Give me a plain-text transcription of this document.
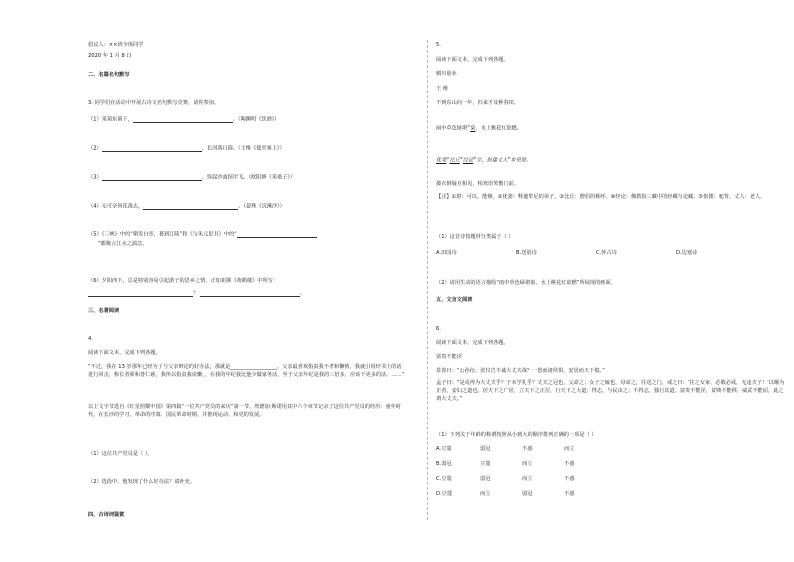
倡议人：××班全体同学
2020 年 1 月 8 日
二、名篇名句默写
3. 同学们在活动中开展古诗文名句默写竞赛，请你参加。
（1）采菊东篱下，	。（陶渊明《饮酒》）
（2）	，长河落日圆。（王维《使至塞上》）
（3）	，惊起沙禽掠岸飞。（欧阳修《采桑子》）
（4）无可奈何花落去，	。（晏殊《浣溪沙》）
（5）《三峡》中的“朝发白帝，暮到江陵”和《与朱元思书》中的“
”都极言江水之湍急。
（6）夕阳西下，总是特别容易引起游子的思乡之情，正如崔颢《黄鹤楼》中所写：
？	。
三、名著阅读
4.
阅读下面文本，完成下列各题。
“不过，我在 13 岁那年已经为了与父亲辩论的好办法，那就是__________________。父亲最喜欢指责我不孝和懒惰，我就引用经书上的话进行回击，称长者须和善仁慈，我所以指责我说懒，，在我的年纪我比他少做家务活，至于父亲年纪是我的三倍多，应该干更多的活。……”
以上文字节选自《红星照耀中国》第四篇“一位共产党员的来历”第一节。埃德加·斯诺用其中六个章节记录了这位共产党员的经历：童年时代、在长沙的学习、革命的序幕、国民革命时期、并推现运动、和党的发展。
（1）这位共产党员是（ ）。
（2）选段中，他发现了什么好办法？请补充。
四、古诗词鉴赏
5.
阅读下面文本，完成下列各题。
辋川别业
王 维
不到东山向一年，归来才及种春田。
雨中草色绿堪①染，水上桃花红欲燃。
优娄②比丘③经论④学，伛偻丈人⑤乡里贤。
披衣倒屣且相见，相欢语笑衡门前。
【注】①堪：可以，能够。②优娄：释迦牟尼的弟子。③比丘：僧侣的称呼。④经论：佛教指三藏中的经藏与论藏。⑤伛偻：驼背。丈人：老人。
（1）这首诗按题材分类属于（ ）
A.田园诗	B.送别诗	C.怀古诗	D.边塞诗
（2）请用生动的语言描绘“雨中草色绿堪染，水上桃花红欲燃”所展现的画面。
五、文言文阅读
6.
阅读下面文本，完成下列各题。
富贵不能淫
景春曰：“公孙衍、张仪岂不诚大丈夫哉？一怒而诸侯惧，安居而天下熄。”
孟子曰：“是焉得为大丈夫乎？子未学礼乎？丈夫之冠也，父命之；女子之嫁也，母命之，往送之门，戒之曰：‘往之女家，必敬必戒，无违夫子！’以顺为正者，妾妇之道也。居天下之广居，立天下之正位，行天下之大道；得志，与民由之；不得志，独行其道。富贵不能淫，贫贱不能移，威武不能屈，此之谓大丈夫。”
（1）下列关于年龄的称谓按照从小到大的顺序排列正确的一项是（ ）
A.豆蔻	弱冠	不惑	而立
B.弱冠	豆蔻	而立	不惑
C.豆蔻	弱冠	而立	不惑
D.豆蔻	而立	弱冠	不惑
